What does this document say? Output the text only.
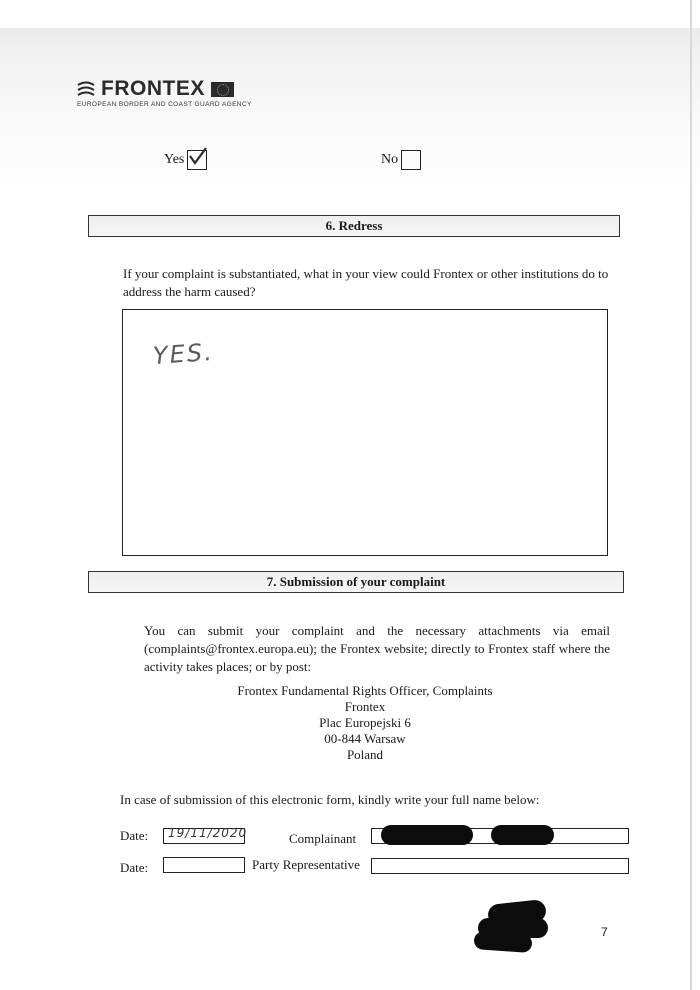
FRONTEX
EUROPEAN BORDER AND COAST GUARD AGENCY
Yes	No
6. Redress
If your complaint is substantiated, what in your view could Frontex or other institutions do to address the harm caused?
YES.
7. Submission of your complaint
You can submit your complaint and the necessary attachments via email (complaints@frontex.europa.eu); the Frontex website; directly to Frontex staff where the activity takes places; or by post:
Frontex Fundamental Rights Officer, Complaints
Frontex
Plac Europejski 6
00-844 Warsaw
Poland
In case of submission of this electronic form, kindly write your full name below:
Date: 19/11/2020	Complainant
Date:	Party Representative
7
